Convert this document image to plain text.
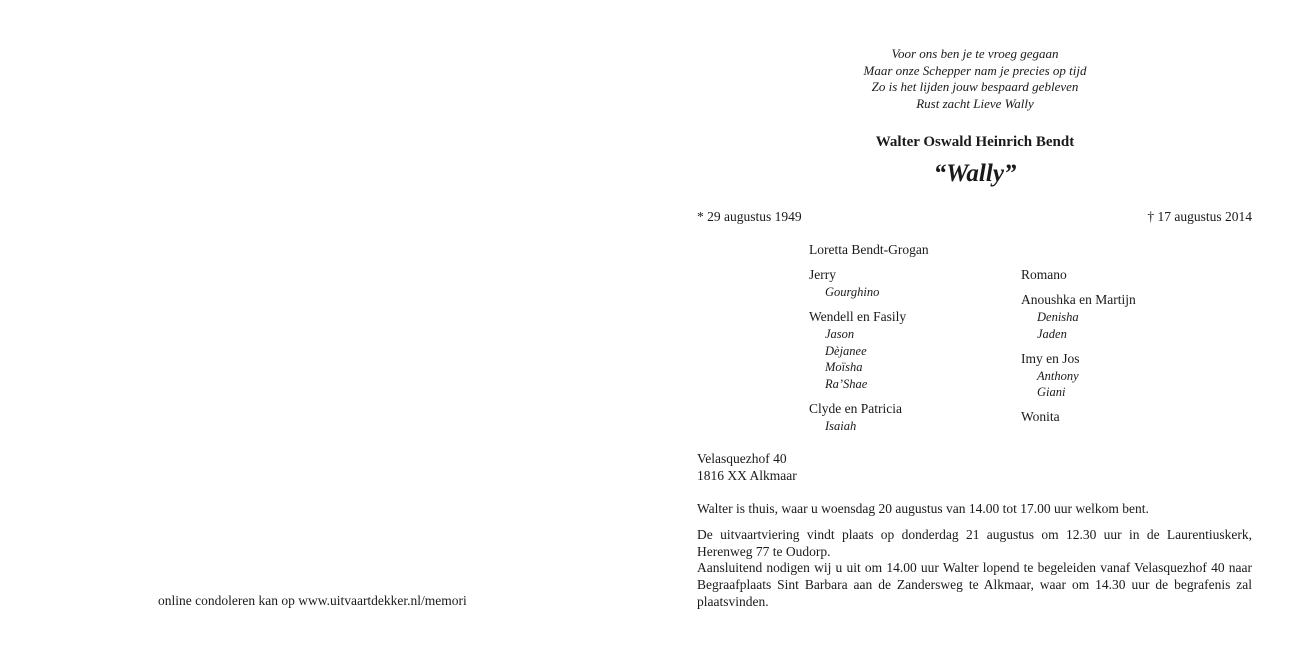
Voor ons ben je te vroeg gegaan
Maar onze Schepper nam je precies op tijd
Zo is het lijden jouw bespaard gebleven
Rust zacht Lieve Wally
Walter Oswald Heinrich Bendt
“Wally”
* 29 augustus 1949	† 17 augustus 2014
Loretta Bendt-Grogan
Jerry
Gourghino
Wendell en Fasily
Jason
Dèjanee
Moïsha
Ra’Shae
Clyde en Patricia
Isaiah
Romano
Anoushka en Martijn
Denisha
Jaden
Imy en Jos
Anthony
Giani
Wonita
Velasquezhof 40
1816 XX Alkmaar
Walter is thuis, waar u woensdag 20 augustus van 14.00 tot 17.00 uur welkom bent.
De uitvaartviering vindt plaats op donderdag 21 augustus om 12.30 uur in de Laurentiuskerk, Herenweg 77 te Oudorp.
Aansluitend nodigen wij u uit om 14.00 uur Walter lopend te begeleiden vanaf Velasquezhof 40 naar Begraafplaats Sint Barbara aan de Zandersweg te Alkmaar, waar om 14.30 uur de begrafenis zal plaatsvinden.
online condoleren kan op www.uitvaartdekker.nl/memori
